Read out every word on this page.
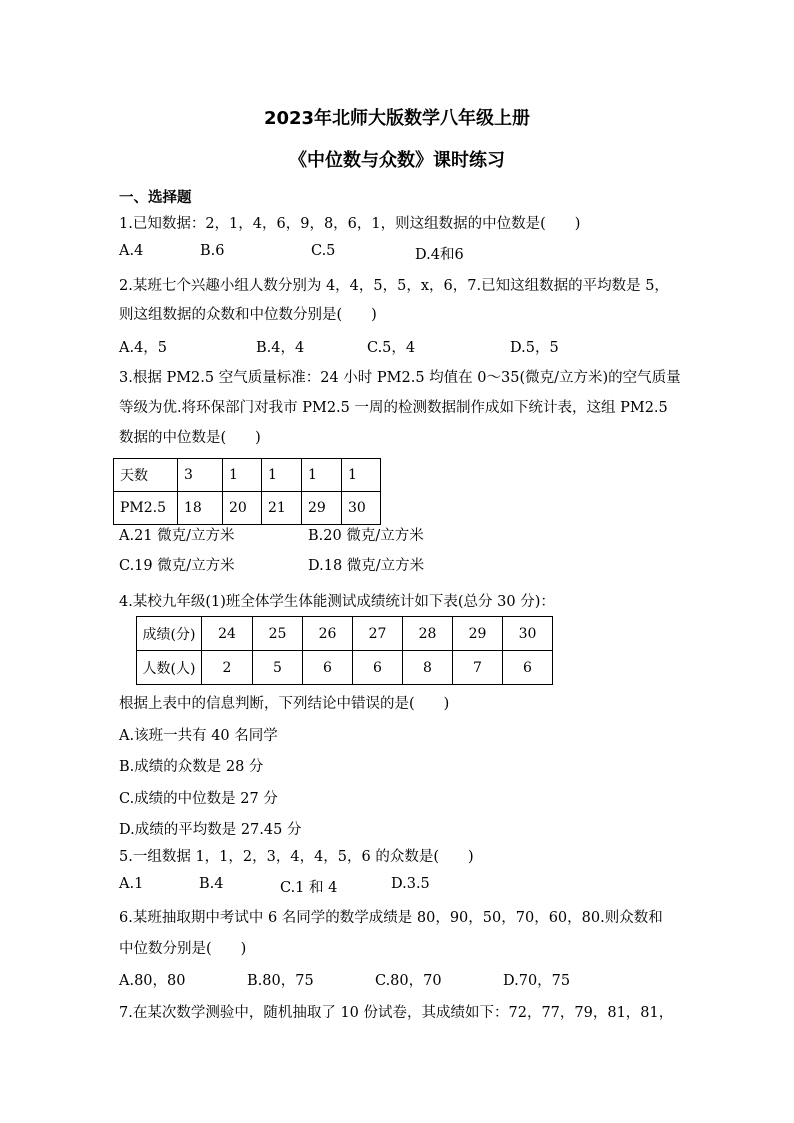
2023年北师大版数学八年级上册
《中位数与众数》课时练习
一、选择题
1.已知数据：2，1，4，6，9，8，6，1，则这组数据的中位数是(　　)
A.4	B.6	C.5	D.4和6
2.某班七个兴趣小组人数分别为 4，4，5，5，x，6，7.已知这组数据的平均数是 5，
则这组数据的众数和中位数分别是(　　)
A.4，5	B.4，4	C.5，4	D.5，5
3.根据 PM2.5 空气质量标准：24 小时 PM2.5 均值在 0～35(微克/立方米)的空气质量
等级为优.将环保部门对我市 PM2.5 一周的检测数据制作成如下统计表，这组 PM2.5
数据的中位数是(　　)
天数	3	1	1	1	1
PM2.5	18	20	21	29	30
A.21 微克/立方米	B.20 微克/立方米
C.19 微克/立方米	D.18 微克/立方米
4.某校九年级(1)班全体学生体能测试成绩统计如下表(总分 30 分)：
成绩(分)	24	25	26	27	28	29	30
人数(人)	2	5	6	6	8	7	6
根据上表中的信息判断，下列结论中错误的是(　　)
A.该班一共有 40 名同学
B.成绩的众数是 28 分
C.成绩的中位数是 27 分
D.成绩的平均数是 27.45 分
5.一组数据 1，1，2，3，4，4，5，6 的众数是(　　)
A.1	B.4	C.1 和 4	D.3.5
6.某班抽取期中考试中 6 名同学的数学成绩是 80，90，50，70，60，80.则众数和
中位数分别是(　　)
A.80，80	B.80，75	C.80，70	D.70，75
7.在某次数学测验中，随机抽取了 10 份试卷，其成绩如下：72，77，79，81，81，
